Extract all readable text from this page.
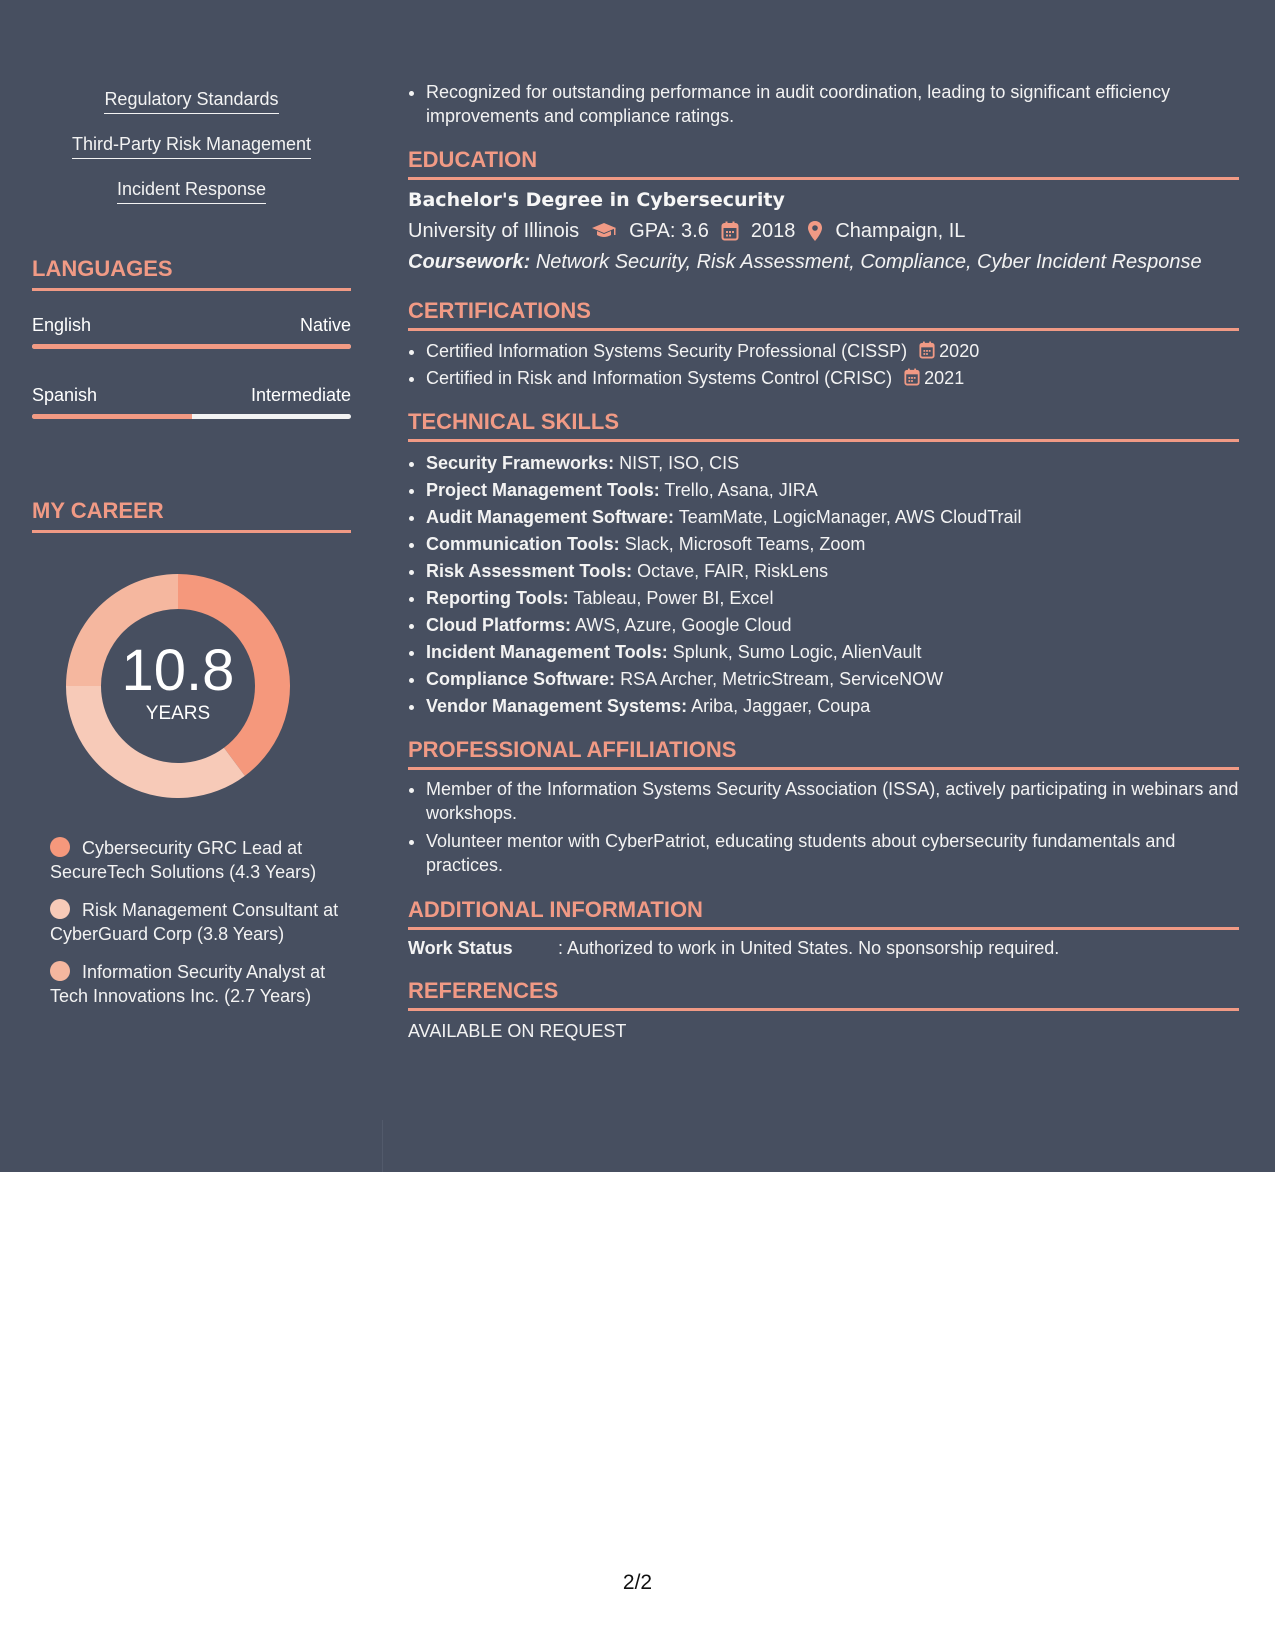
Regulatory Standards
Third-Party Risk Management
Incident Response
LANGUAGES
English	Native
Spanish	Intermediate
MY CAREER
10.8
YEARS
Cybersecurity GRC Lead at SecureTech Solutions (4.3 Years)
Risk Management Consultant at CyberGuard Corp (3.8 Years)
Information Security Analyst at Tech Innovations Inc. (2.7 Years)
• Recognized for outstanding performance in audit coordination, leading to significant efficiency improvements and compliance ratings.
EDUCATION
Bachelor's Degree in Cybersecurity
University of Illinois	GPA: 3.6 2018 Champaign, IL
Coursework: Network Security, Risk Assessment, Compliance, Cyber Incident Response
CERTIFICATIONS
• Certified Information Systems Security Professional (CISSP) 2020
• Certified in Risk and Information Systems Control (CRISC) 2021
TECHNICAL SKILLS
• Security Frameworks: NIST, ISO, CIS
• Project Management Tools: Trello, Asana, JIRA
• Audit Management Software: TeamMate, LogicManager, AWS CloudTrail
• Communication Tools: Slack, Microsoft Teams, Zoom
• Risk Assessment Tools: Octave, FAIR, RiskLens
• Reporting Tools: Tableau, Power BI, Excel
• Cloud Platforms: AWS, Azure, Google Cloud
• Incident Management Tools: Splunk, Sumo Logic, AlienVault
• Compliance Software: RSA Archer, MetricStream, ServiceNOW
• Vendor Management Systems: Ariba, Jaggaer, Coupa
PROFESSIONAL AFFILIATIONS
• Member of the Information Systems Security Association (ISSA), actively participating in webinars and workshops.
• Volunteer mentor with CyberPatriot, educating students about cybersecurity fundamentals and practices.
ADDITIONAL INFORMATION
Work Status	: Authorized to work in United States. No sponsorship required.
REFERENCES
AVAILABLE ON REQUEST
2/2
